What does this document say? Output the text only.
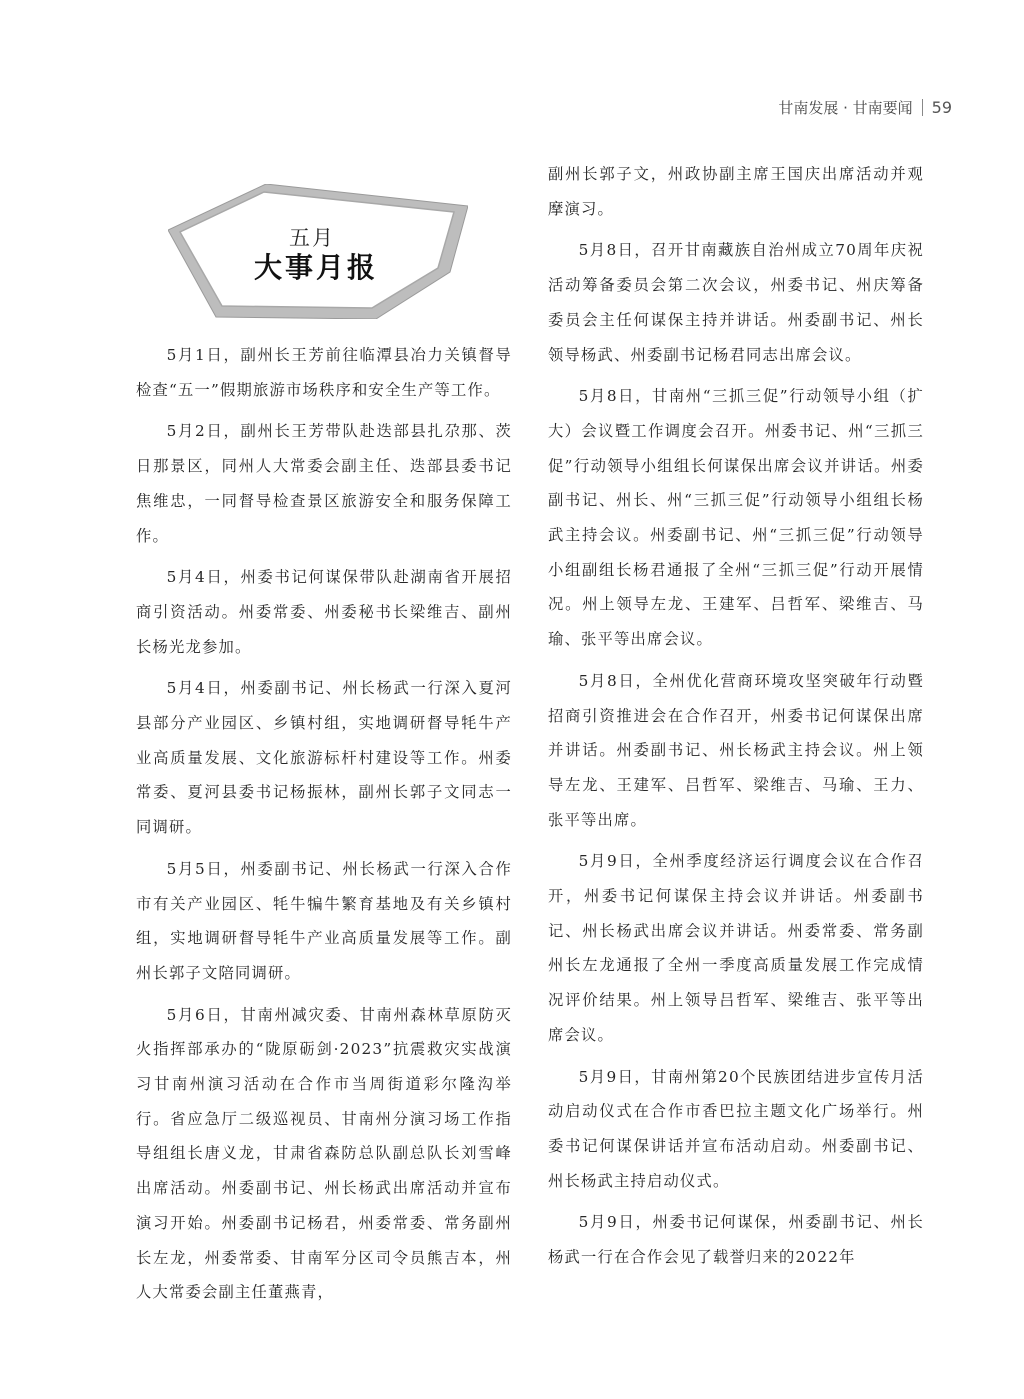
甘南发展 · 甘南要闻 59
五月
大事月报

5月1日，副州长王芳前往临潭县冶力关镇督导检查“五一”假期旅游市场秩序和安全生产等工作。

5月2日，副州长王芳带队赴迭部县扎尕那、茨日那景区，同州人大常委会副主任、迭部县委书记焦维忠，一同督导检查景区旅游安全和服务保障工作。

5月4日，州委书记何谋保带队赴湖南省开展招商引资活动。州委常委、州委秘书长梁维吉、副州长杨光龙参加。

5月4日，州委副书记、州长杨武一行深入夏河县部分产业园区、乡镇村组，实地调研督导牦牛产业高质量发展、文化旅游标杆村建设等工作。州委常委、夏河县委书记杨振林，副州长郭子文同志一同调研。

5月5日，州委副书记、州长杨武一行深入合作市有关产业园区、牦牛犏牛繁育基地及有关乡镇村组，实地调研督导牦牛产业高质量发展等工作。副州长郭子文陪同调研。

5月6日，甘南州减灾委、甘南州森林草原防灭火指挥部承办的“陇原砺剑·2023”抗震救灾实战演习甘南州演习活动在合作市当周街道彩尔隆沟举行。省应急厅二级巡视员、甘南州分演习场工作指导组组长唐义龙，甘肃省森防总队副总队长刘雪峰出席活动。州委副书记、州长杨武出席活动并宣布演习开始。州委副书记杨君，州委常委、常务副州长左龙，州委常委、甘南军分区司令员熊吉本，州人大常委会副主任董燕青，

副州长郭子文，州政协副主席王国庆出席活动并观摩演习。

5月8日，召开甘南藏族自治州成立70周年庆祝活动筹备委员会第二次会议，州委书记、州庆筹备委员会主任何谋保主持并讲话。州委副书记、州长领导杨武、州委副书记杨君同志出席会议。

5月8日，甘南州“三抓三促”行动领导小组（扩大）会议暨工作调度会召开。州委书记、州“三抓三促”行动领导小组组长何谋保出席会议并讲话。州委副书记、州长、州“三抓三促”行动领导小组组长杨武主持会议。州委副书记、州“三抓三促”行动领导小组副组长杨君通报了全州“三抓三促”行动开展情况。州上领导左龙、王建军、吕哲军、梁维吉、马瑜、张平等出席会议。

5月8日，全州优化营商环境攻坚突破年行动暨招商引资推进会在合作召开，州委书记何谋保出席并讲话。州委副书记、州长杨武主持会议。州上领导左龙、王建军、吕哲军、梁维吉、马瑜、王力、张平等出席。

5月9日，全州季度经济运行调度会议在合作召开，州委书记何谋保主持会议并讲话。州委副书记、州长杨武出席会议并讲话。州委常委、常务副州长左龙通报了全州一季度高质量发展工作完成情况评价结果。州上领导吕哲军、梁维吉、张平等出席会议。

5月9日，甘南州第20个民族团结进步宣传月活动启动仪式在合作市香巴拉主题文化广场举行。州委书记何谋保讲话并宣布活动启动。州委副书记、州长杨武主持启动仪式。

5月9日，州委书记何谋保，州委副书记、州长杨武一行在合作会见了载誉归来的2022年
